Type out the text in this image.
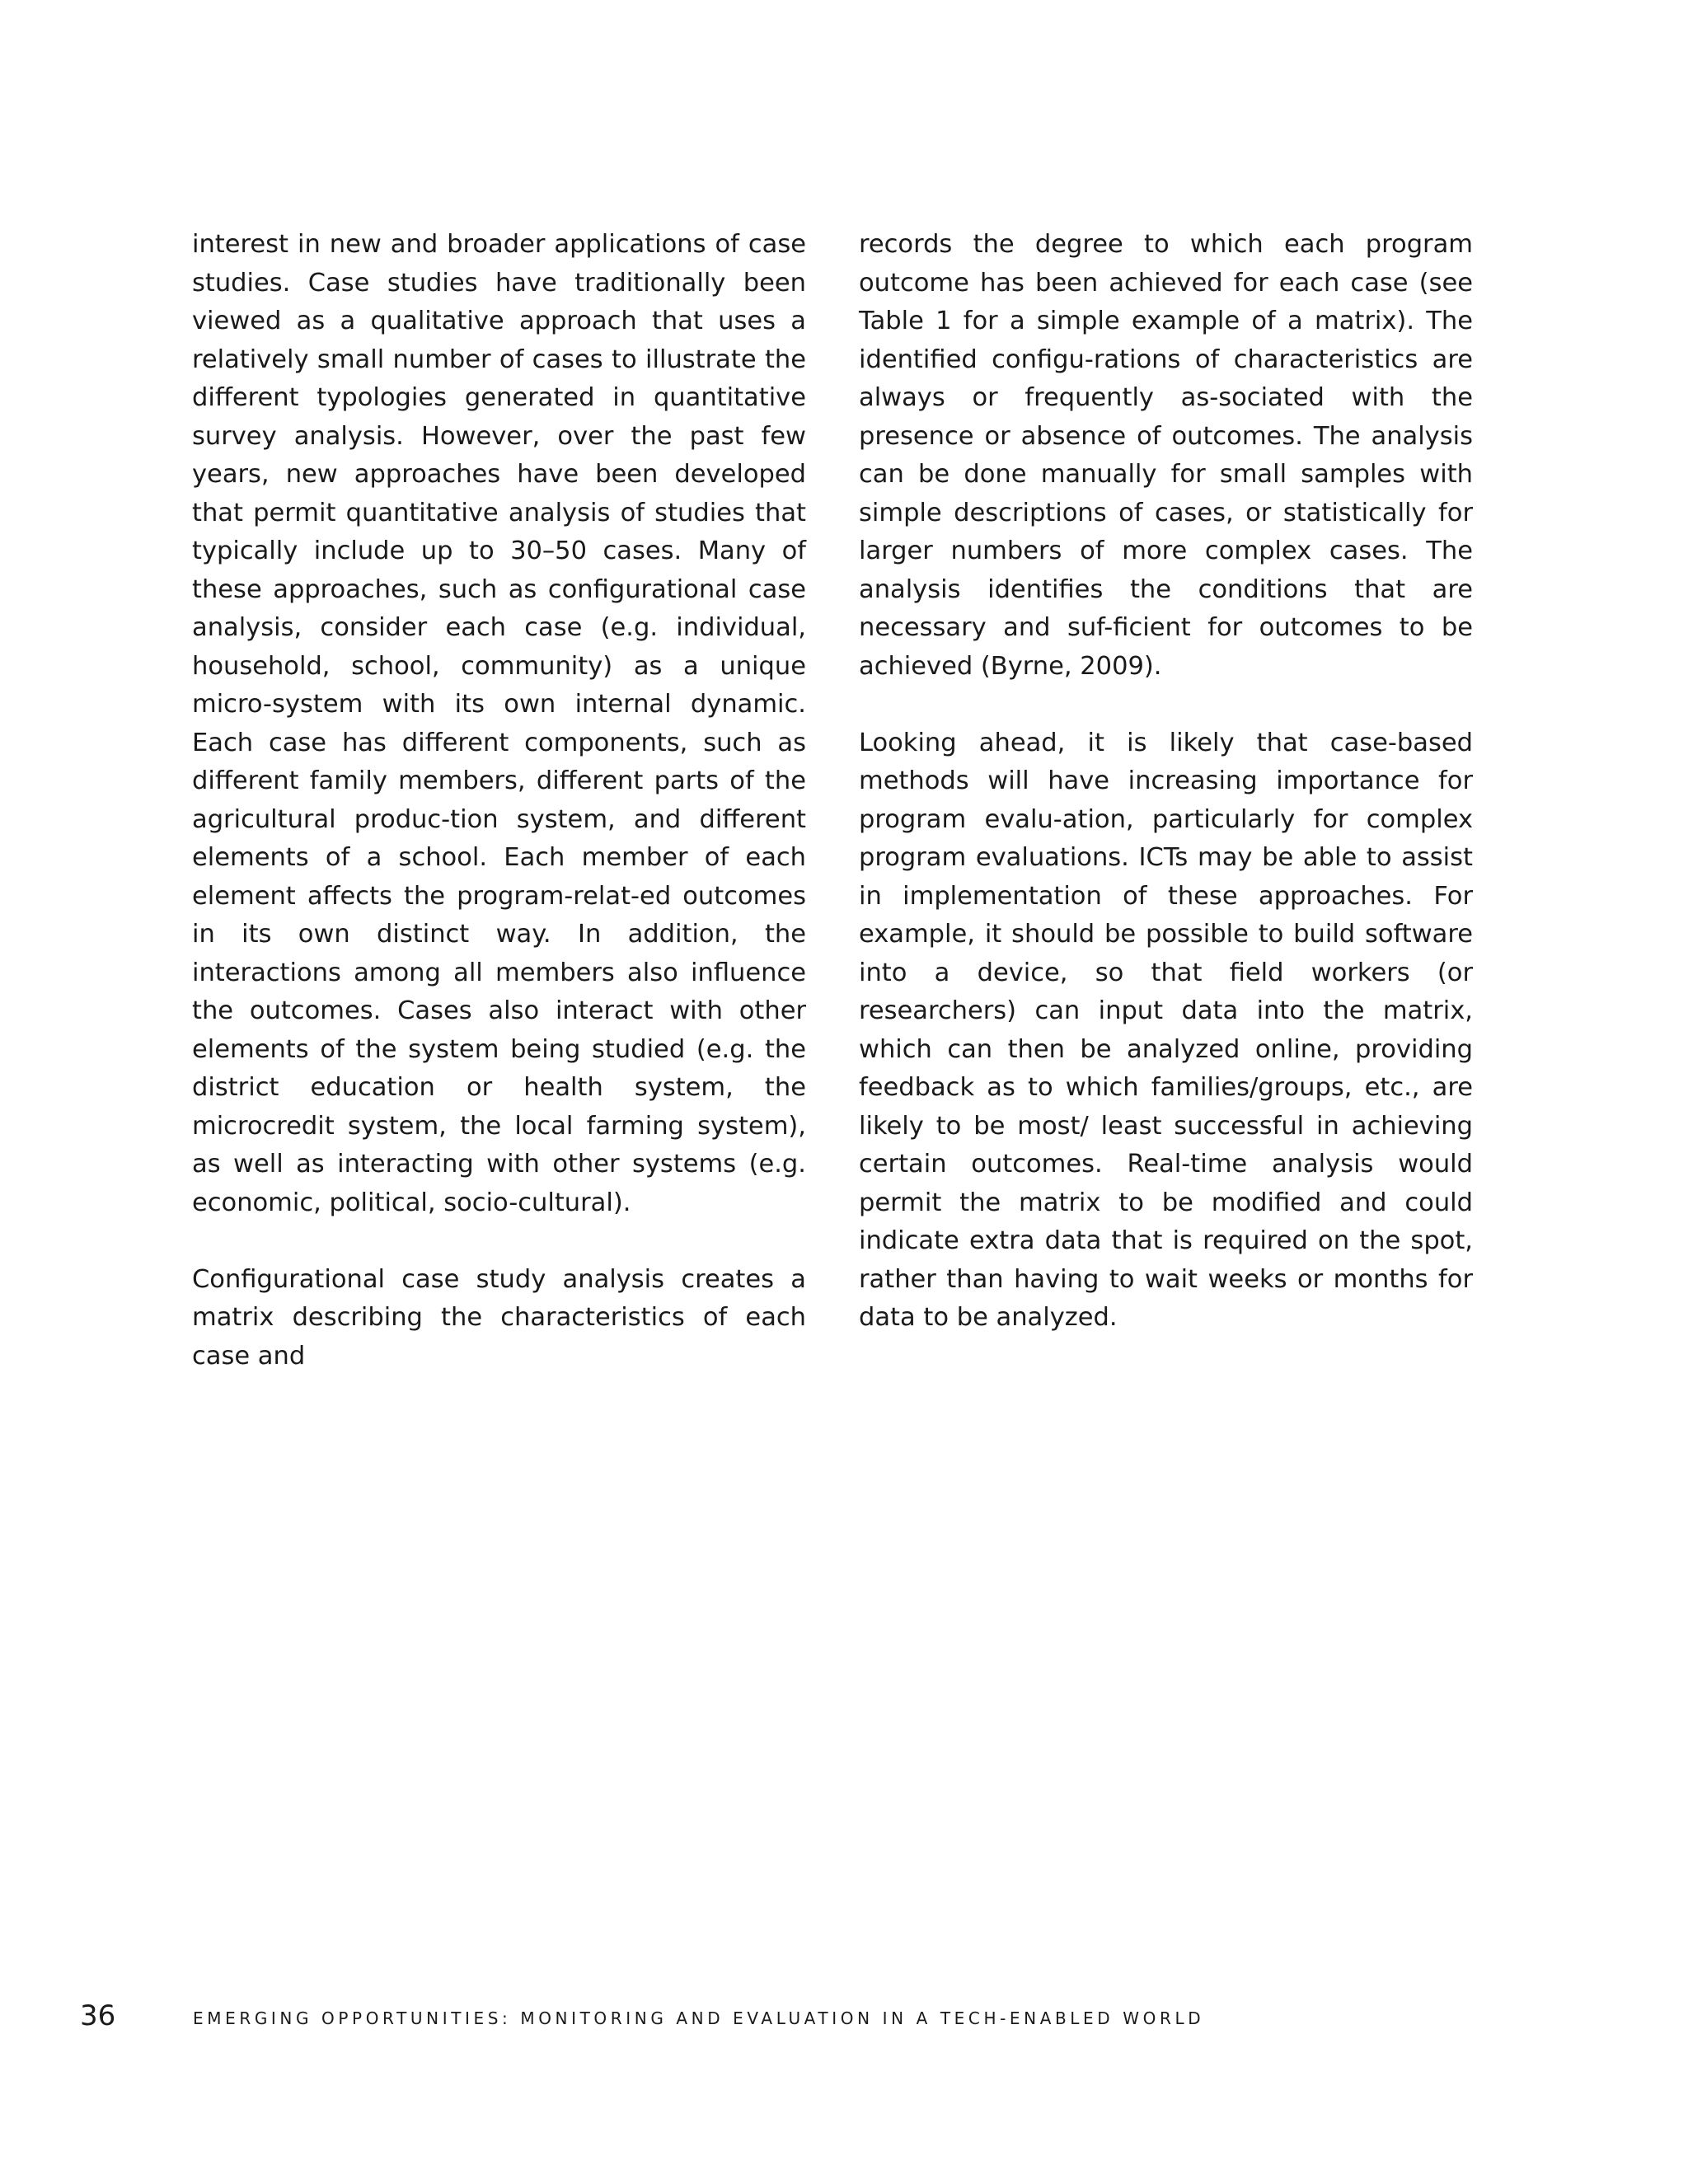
interest in new and broader applications of case studies. Case studies have traditionally been viewed as a qualitative approach that uses a relatively small number of cases to illustrate the different typologies generated in quantitative survey analysis. However, over the past few years, new approaches have been developed that permit quantitative analysis of studies that typically include up to 30–50 cases. Many of these approaches, such as configurational case analysis, consider each case (e.g. individual, household, school, community) as a unique micro-system with its own internal dynamic. Each case has different components, such as different family members, different parts of the agricultural produc-tion system, and different elements of a school. Each member of each element affects the program-relat-ed outcomes in its own distinct way. In addition, the interactions among all members also influence the outcomes. Cases also interact with other elements of the system being studied (e.g. the district education or health system, the microcredit system, the local farming system), as well as interacting with other systems (e.g. economic, political, socio-cultural).

Configurational case study analysis creates a matrix describing the characteristics of each case and

records the degree to which each program outcome has been achieved for each case (see Table 1 for a simple example of a matrix). The identified configu-rations of characteristics are always or frequently as-sociated with the presence or absence of outcomes. The analysis can be done manually for small samples with simple descriptions of cases, or statistically for larger numbers of more complex cases. The analysis identifies the conditions that are necessary and suf-ficient for outcomes to be achieved (Byrne, 2009).

Looking ahead, it is likely that case-based methods will have increasing importance for program evalu-ation, particularly for complex program evaluations. ICTs may be able to assist in implementation of these approaches. For example, it should be possible to build software into a device, so that field workers (or researchers) can input data into the matrix, which can then be analyzed online, providing feedback as to which families/groups, etc., are likely to be most/ least successful in achieving certain outcomes. Real-time analysis would permit the matrix to be modified and could indicate extra data that is required on the spot, rather than having to wait weeks or months for data to be analyzed.

36	EMERGING OPPORTUNITIES: MONITORING AND EVALUATION IN A TECH-ENABLED WORLD
